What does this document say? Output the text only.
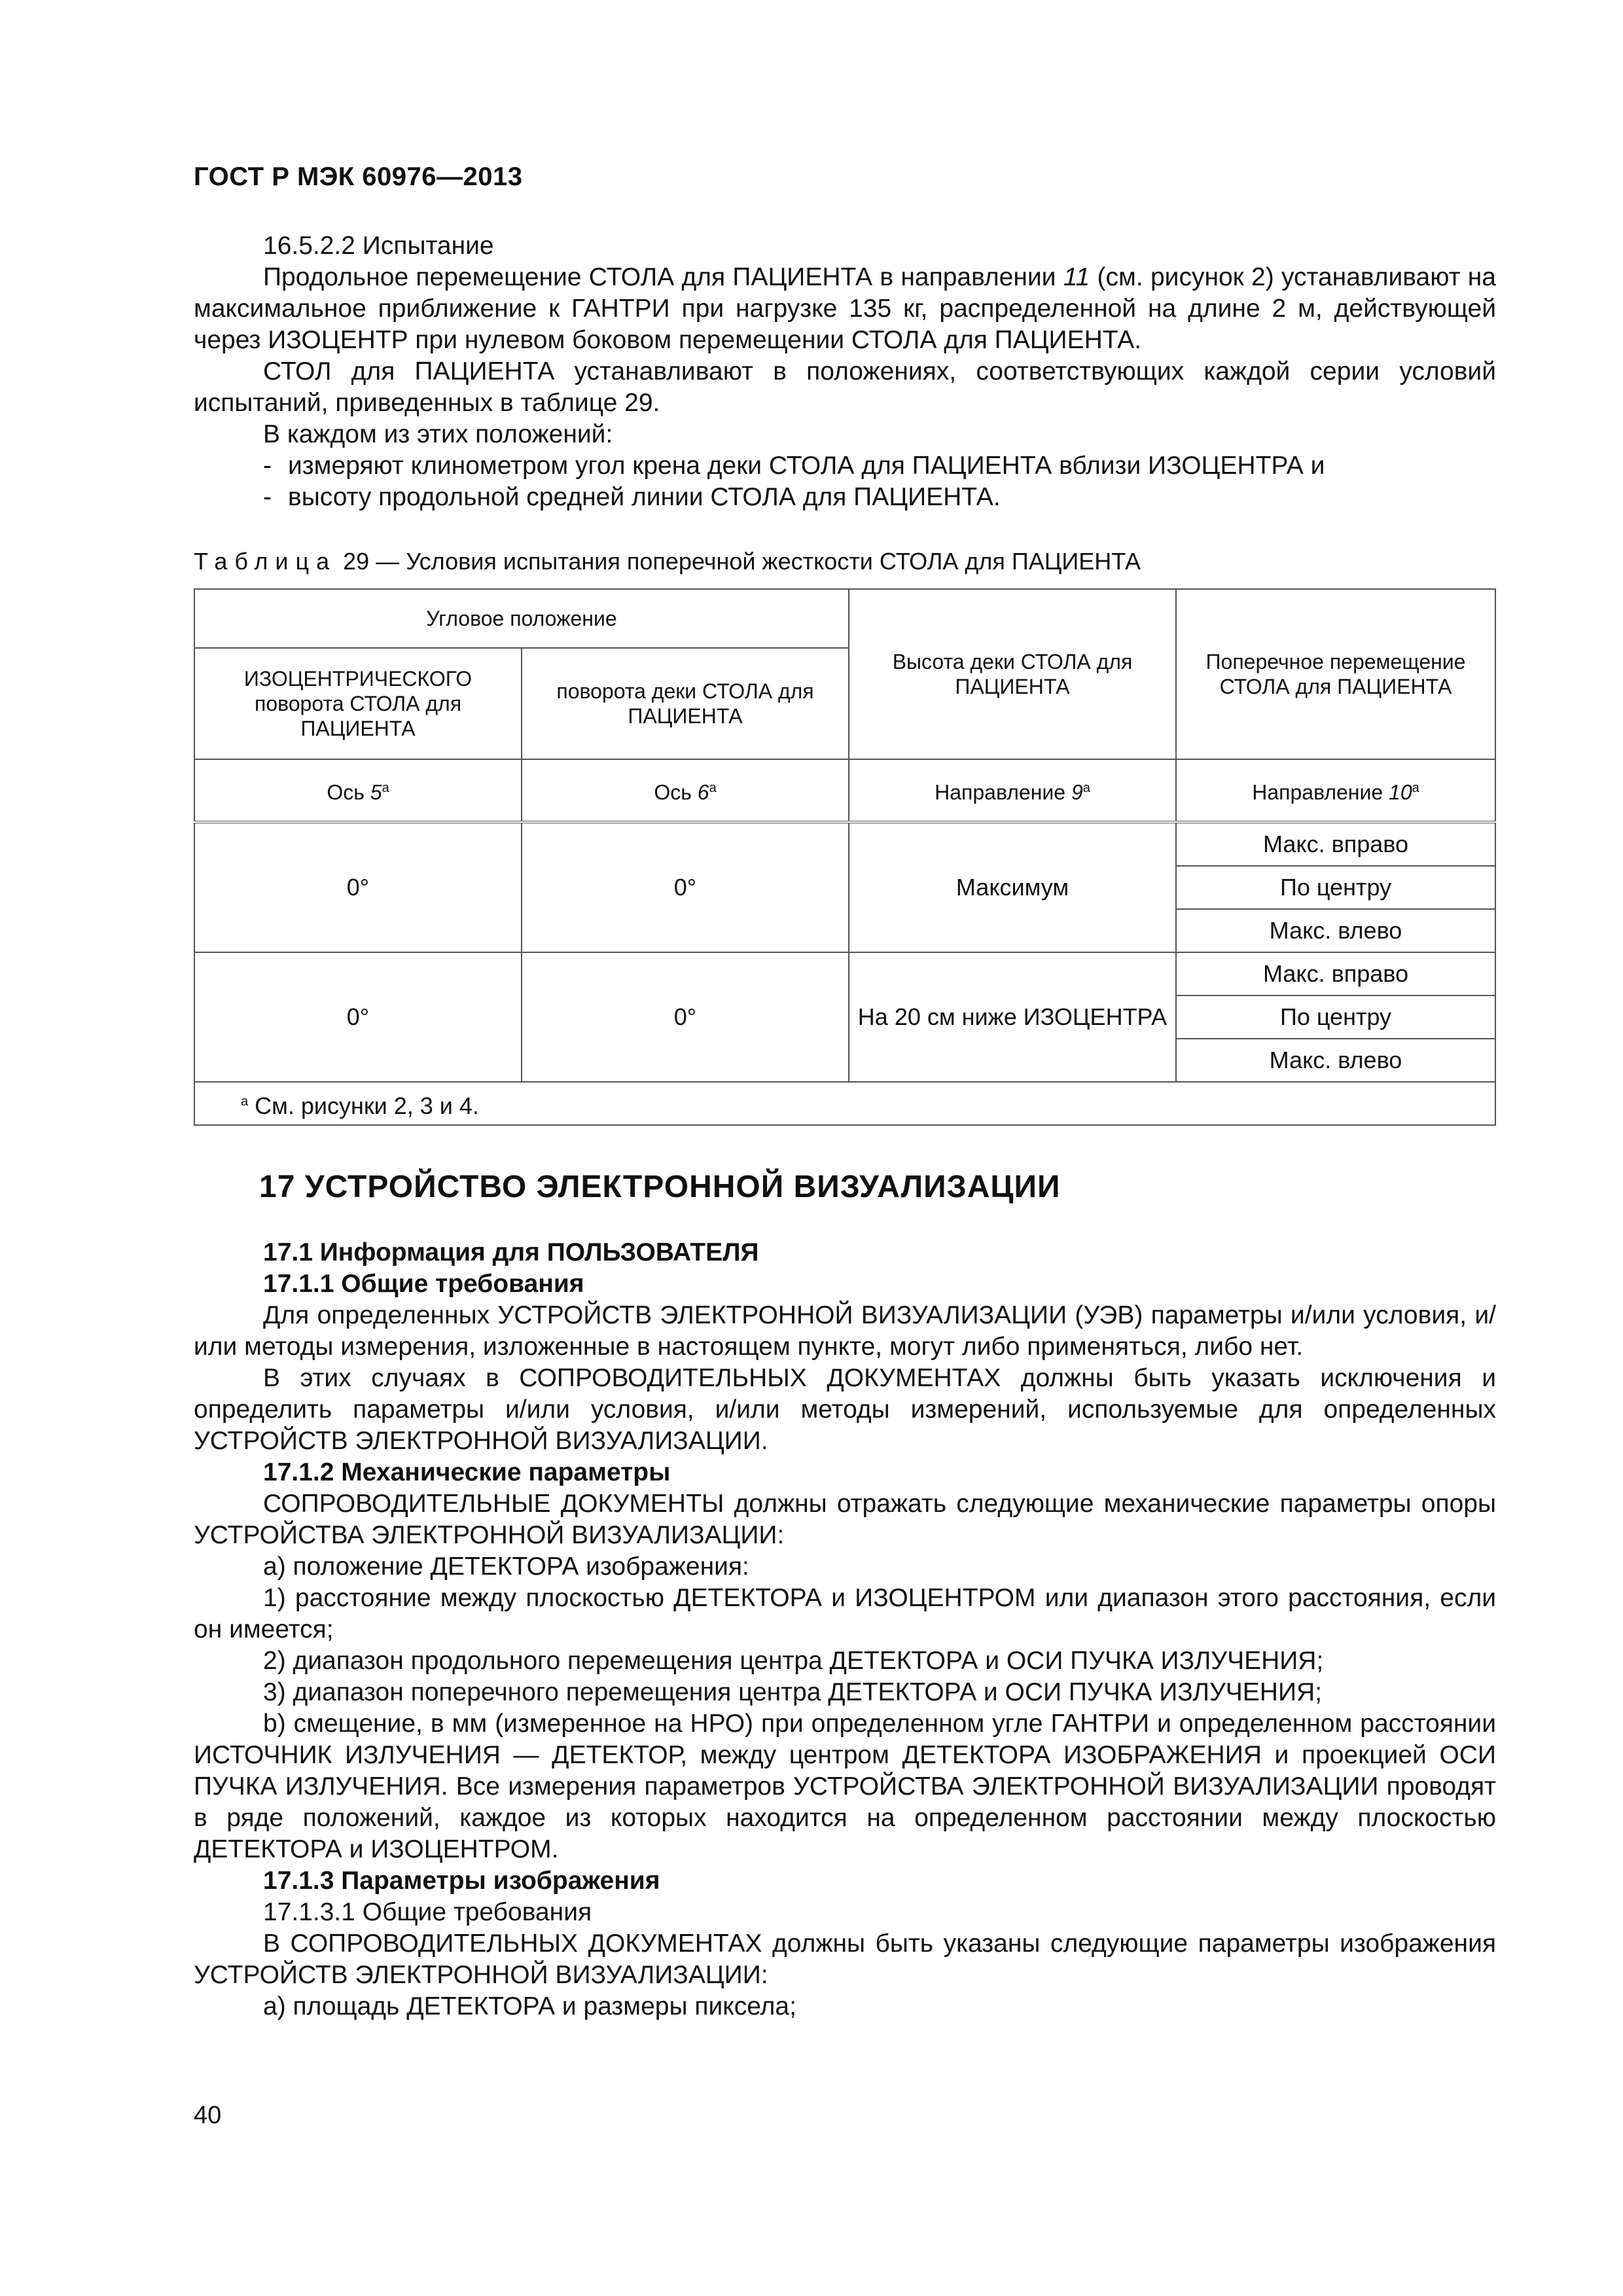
ГОСТ Р МЭК 60976—2013

16.5.2.2 Испытание

Продольное перемещение СТОЛА для ПАЦИЕНТА в направлении 11 (см. рисунок 2) устанавливают на максимальное приближение к ГАНТРИ при нагрузке 135 кг, распределенной на длине 2 м, действующей через ИЗОЦЕНТР при нулевом боковом перемещении СТОЛА для ПАЦИЕНТА.

СТОЛ для ПАЦИЕНТА устанавливают в положениях, соответствующих каждой серии условий испытаний, приведенных в таблице 29.

В каждом из этих положений:

- измеряют клинометром угол крена деки СТОЛА для ПАЦИЕНТА вблизи ИЗОЦЕНТРА и

- высоту продольной средней линии СТОЛА для ПАЦИЕНТА.

Таблица 29 — Условия испытания поперечной жесткости СТОЛА для ПАЦИЕНТА
Угловое положение		Высота деки СТОЛА для ПАЦИЕНТА	Поперечное перемещение СТОЛА для ПАЦИЕНТА
ИЗОЦЕНТРИЧЕСКОГО поворота СТОЛА для ПАЦИЕНТА	поворота деки СТОЛА для ПАЦИЕНТА		
Ось $5^а$	Ось $6^а$	Направление $9^а$	Направление $10^а$
0°	0°	Максимум	Макс. вправо
			По центру
			Макс. влево
0°	0°	На 20 см ниже ИЗОЦЕНТРА	Макс. вправо
			По центру
			Макс. влево
$^а$ См. рисунки 2, 3 и 4.			
17 УСТРОЙСТВО ЭЛЕКТРОННОЙ ВИЗУАЛИЗАЦИИ

17.1 Информация для ПОЛЬЗОВАТЕЛЯ

17.1.1 Общие требования

Для определенных УСТРОЙСТВ ЭЛЕКТРОННОЙ ВИЗУАЛИЗАЦИИ (УЭВ) параметры и/или условия, и/или методы измерения, изложенные в настоящем пункте, могут либо применяться, либо нет.

В этих случаях в СОПРОВОДИТЕЛЬНЫХ ДОКУМЕНТАХ должны быть указать исключения и определить параметры и/или условия, и/или методы измерений, используемые для определенных УСТРОЙСТВ ЭЛЕКТРОННОЙ ВИЗУАЛИЗАЦИИ.

17.1.2 Механические параметры

СОПРОВОДИТЕЛЬНЫЕ ДОКУМЕНТЫ должны отражать следующие механические параметры опоры УСТРОЙСТВА ЭЛЕКТРОННОЙ ВИЗУАЛИЗАЦИИ:

а) положение ДЕТЕКТОРА изображения:

1) расстояние между плоскостью ДЕТЕКТОРА и ИЗОЦЕНТРОМ или диапазон этого расстояния, если он имеется;

2) диапазон продольного перемещения центра ДЕТЕКТОРА и ОСИ ПУЧКА ИЗЛУЧЕНИЯ;

3) диапазон поперечного перемещения центра ДЕТЕКТОРА и ОСИ ПУЧКА ИЗЛУЧЕНИЯ;

b) смещение, в мм (измеренное на НРО) при определенном угле ГАНТРИ и определенном расстоянии ИСТОЧНИК ИЗЛУЧЕНИЯ — ДЕТЕКТОР, между центром ДЕТЕКТОРА ИЗОБРАЖЕНИЯ и проекцией ОСИ ПУЧКА ИЗЛУЧЕНИЯ. Все измерения параметров УСТРОЙСТВА ЭЛЕКТРОННОЙ ВИЗУАЛИЗАЦИИ проводят в ряде положений, каждое из которых находится на определенном расстоянии между плоскостью ДЕТЕКТОРА и ИЗОЦЕНТРОМ.

17.1.3 Параметры изображения

17.1.3.1 Общие требования

В СОПРОВОДИТЕЛЬНЫХ ДОКУМЕНТАХ должны быть указаны следующие параметры изображения УСТРОЙСТВ ЭЛЕКТРОННОЙ ВИЗУАЛИЗАЦИИ:

а) площадь ДЕТЕКТОРА и размеры пиксела;

40
